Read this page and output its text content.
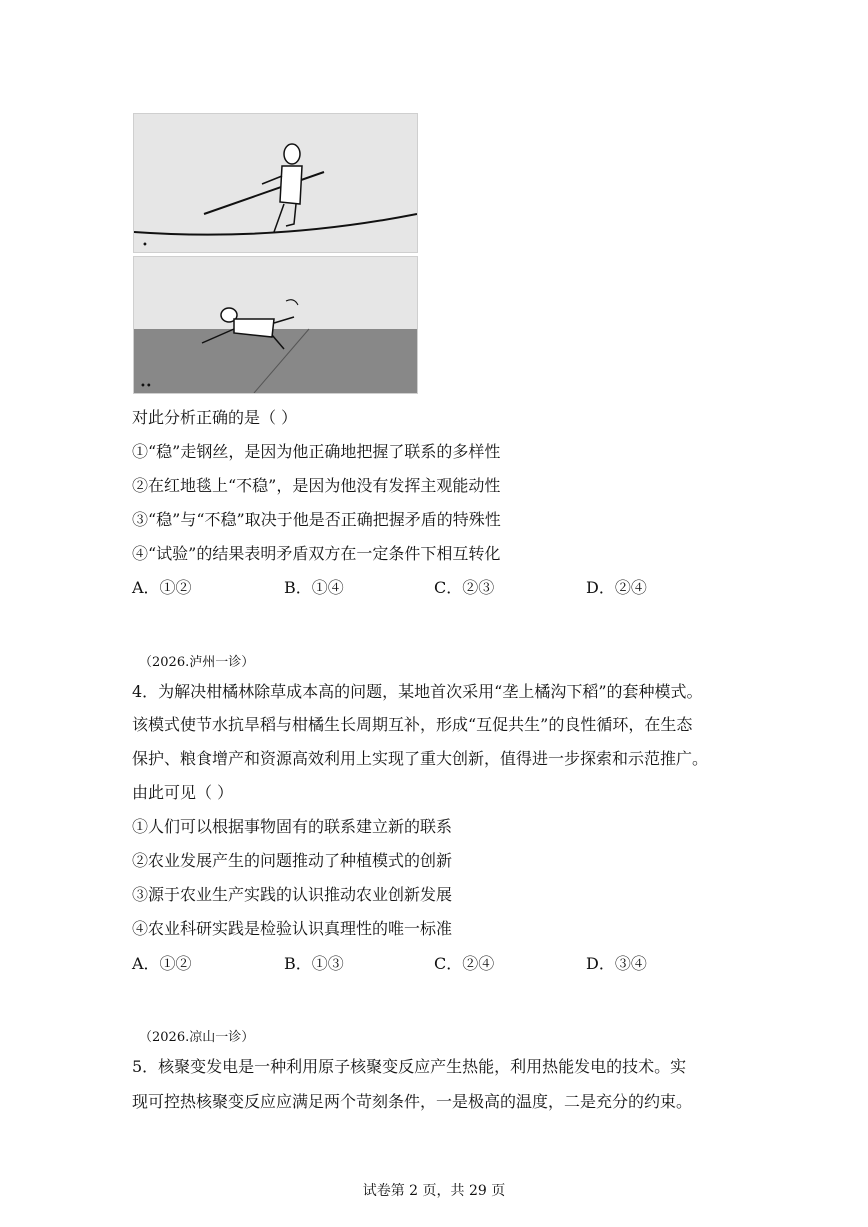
•
••
对此分析正确的是（ ）
①“稳”走钢丝，是因为他正确地把握了联系的多样性
②在红地毯上“不稳”，是因为他没有发挥主观能动性
③“稳”与“不稳”取决于他是否正确把握矛盾的特殊性
④“试验”的结果表明矛盾双方在一定条件下相互转化
A．①②	B．①④	C．②③	D．②④
（2026.泸州一诊）
4．为解决柑橘林除草成本高的问题，某地首次采用“垄上橘沟下稻”的套种模式。
该模式使节水抗旱稻与柑橘生长周期互补，形成“互促共生”的良性循环，在生态
保护、粮食增产和资源高效利用上实现了重大创新，值得进一步探索和示范推广。
由此可见（ ）
①人们可以根据事物固有的联系建立新的联系
②农业发展产生的问题推动了种植模式的创新
③源于农业生产实践的认识推动农业创新发展
④农业科研实践是检验认识真理性的唯一标准
A．①②	B．①③	C．②④	D．③④
（2026.凉山一诊）
5．核聚变发电是一种利用原子核聚变反应产生热能，利用热能发电的技术。实
现可控热核聚变反应应满足两个苛刻条件，一是极高的温度，二是充分的约束。
试卷第 2 页，共 29 页
